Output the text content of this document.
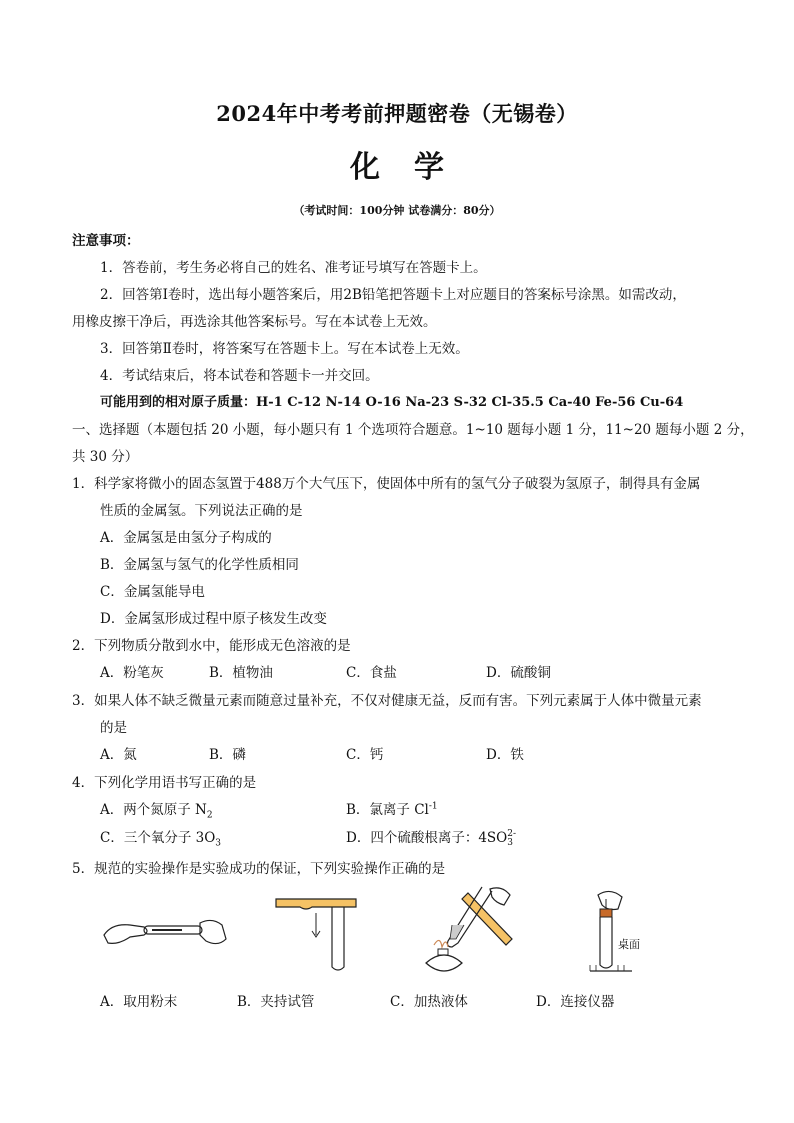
2024年中考考前押题密卷（无锡卷）
化学
（考试时间：100分钟 试卷满分：80分）
注意事项：
1．答卷前，考生务必将自己的姓名、准考证号填写在答题卡上。
2．回答第Ⅰ卷时，选出每小题答案后，用2B铅笔把答题卡上对应题目的答案标号涂黑。如需改动，
用橡皮擦干净后，再选涂其他答案标号。写在本试卷上无效。
3．回答第Ⅱ卷时，将答案写在答题卡上。写在本试卷上无效。
4．考试结束后，将本试卷和答题卡一并交回。
可能用到的相对原子质量：H-1 C-12 N-14 O-16 Na-23 S-32 Cl-35.5 Ca-40 Fe-56 Cu-64
一、选择题（本题包括 20 小题，每小题只有 1 个选项符合题意。1~10 题每小题 1 分，11~20 题每小题 2 分，
共 30 分）
1．科学家将微小的固态氢置于488万个大气压下，使固体中所有的氢气分子破裂为氢原子，制得具有金属
性质的金属氢。下列说法正确的是
A．金属氢是由氢分子构成的
B．金属氢与氢气的化学性质相同
C．金属氢能导电
D．金属氢形成过程中原子核发生改变
2．下列物质分散到水中，能形成无色溶液的是
A．粉笔灰	B．植物油	C．食盐	D．硫酸铜
3．如果人体不缺乏微量元素而随意过量补充，不仅对健康无益，反而有害。下列元素属于人体中微量元素
的是
A．氮	B．磷	C．钙	D．铁
4．下列化学用语书写正确的是
A．两个氮原子 $N_2$	B．氯离子 $Cl^{-1}$
C．三个氧分子 $3O_3$	D．四个硫酸根离子：4SO 2-
3
5．规范的实验操作是实验成功的保证，下列实验操作正确的是
桌面
A．取用粉末	B．夹持试管	C．加热液体	D．连接仪器
